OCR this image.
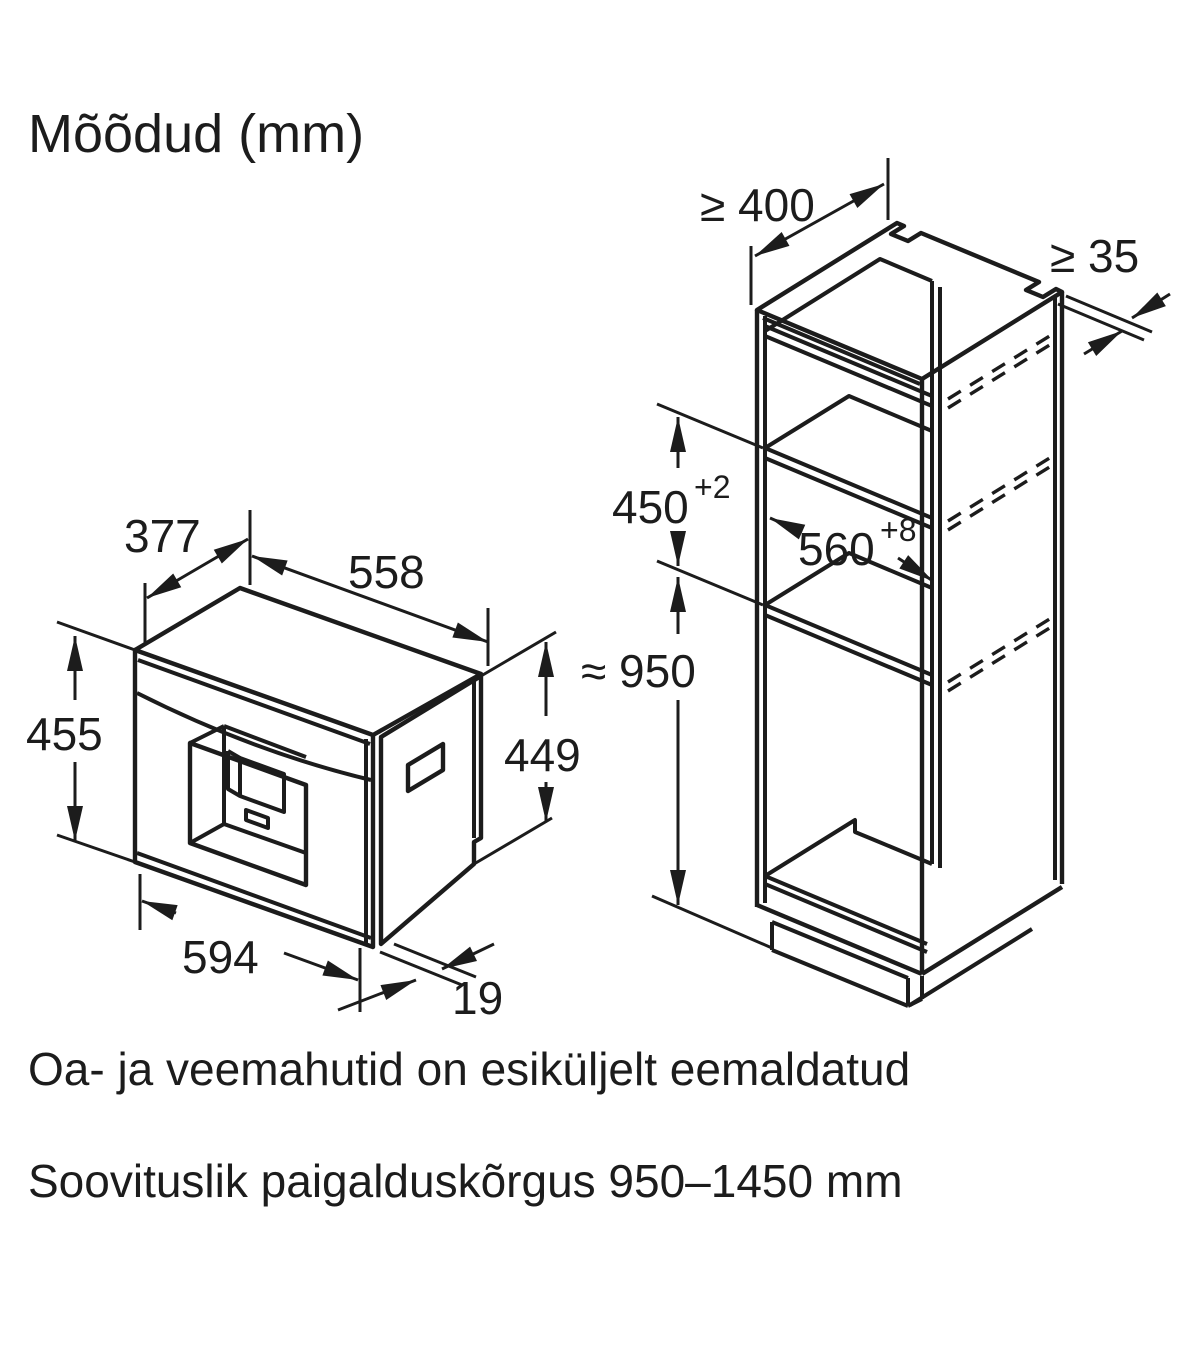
Mõõdud (mm)
377
558
455	449
594
19
≥ 400
≥ 35
450 +2
560 +8
≈ 950
Oa- ja veemahutid on esiküljelt eemaldatud
Soovituslik paigalduskõrgus 950–1450 mm
